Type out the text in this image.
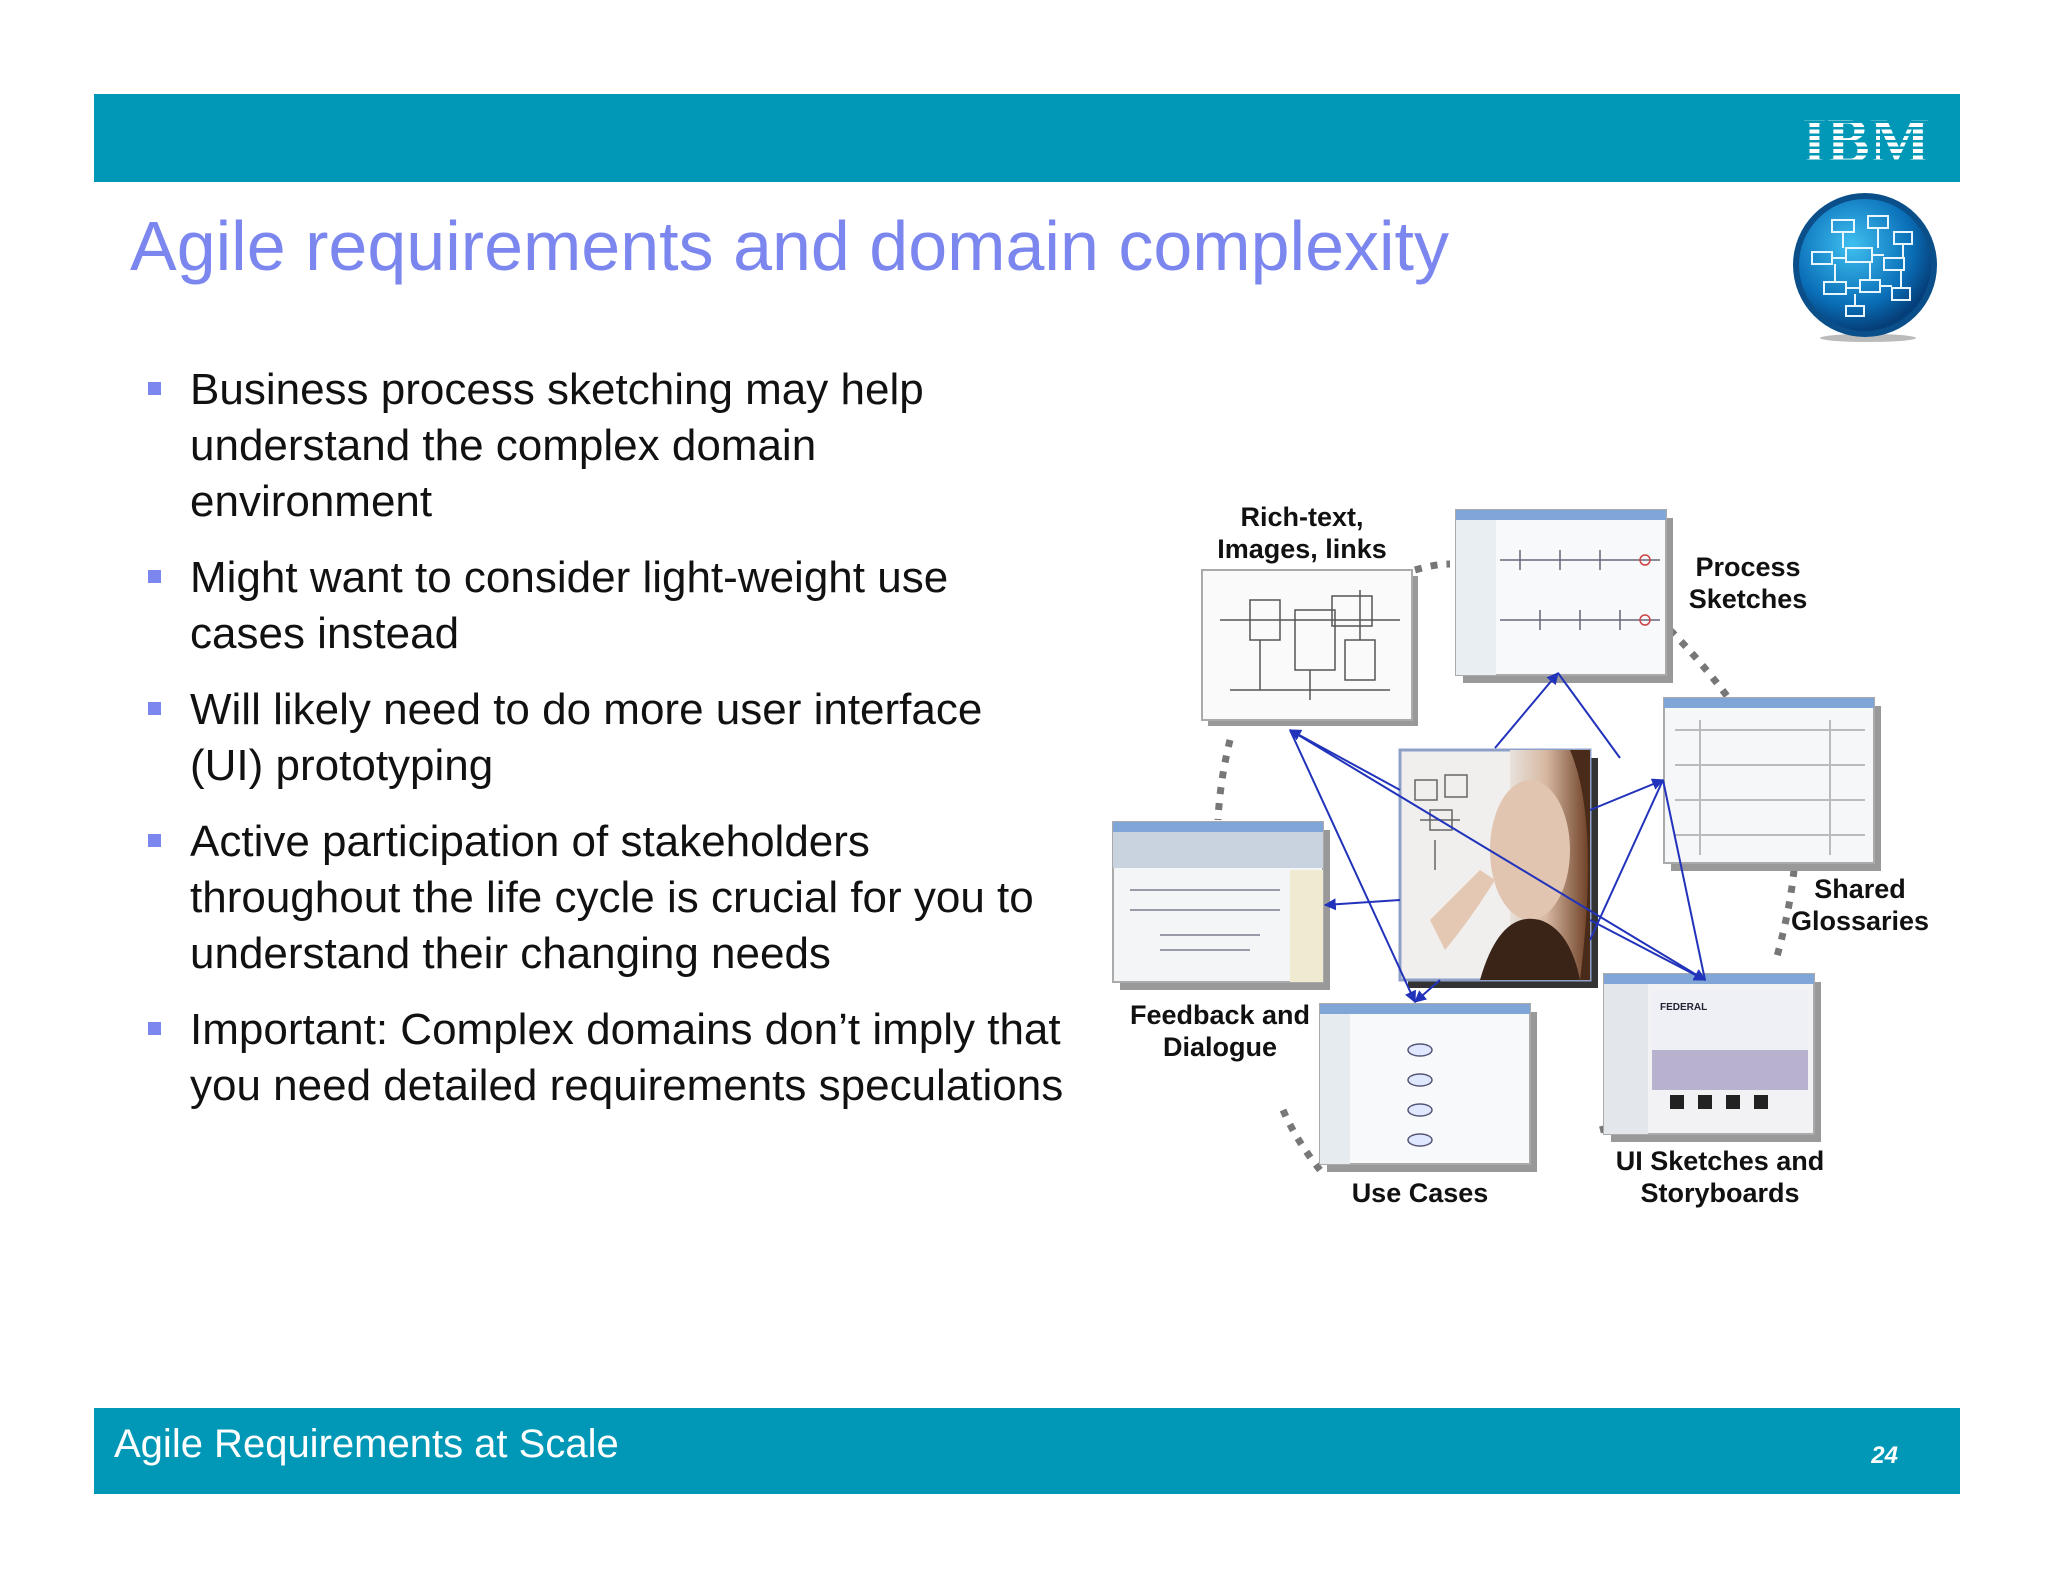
IBM
Agile requirements and domain complexity
Business process sketching may help understand the complex domain environment
Might want to consider light-weight use cases instead
Will likely need to do more user interface (UI) prototyping
Active participation of stakeholders throughout the life cycle is crucial for you to understand their changing needs
Important: Complex domains don’t imply that you need detailed requirements speculations
FEDERAL
Rich-text,
Images, links
Process
Sketches
Shared
Glossaries
Feedback and
Dialogue
Use Cases
UI Sketches and
Storyboards
Agile Requirements at Scale	24
